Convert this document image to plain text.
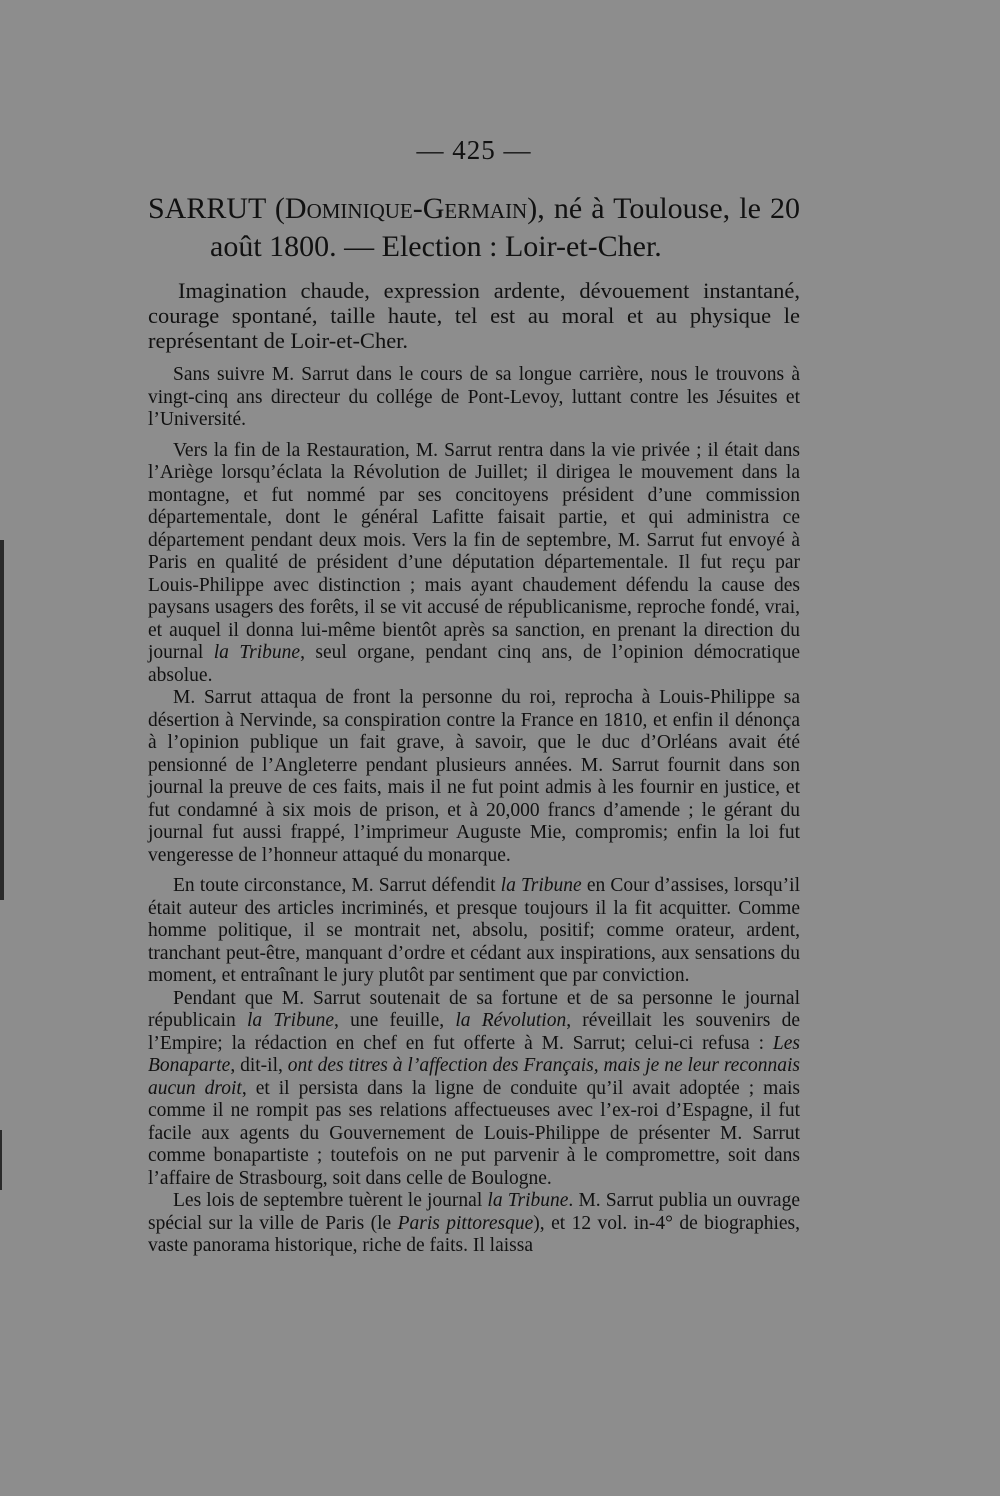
— 425 —
SARRUT (Dominique-Germain), né à Toulouse, le 20
août 1800. — Election : Loir-et-Cher.

Imagination chaude, expression ardente, dévouement instantané, courage spontané, taille haute, tel est au moral et au physique le représentant de Loir-et-Cher.

Sans suivre M. Sarrut dans le cours de sa longue carrière, nous le trouvons à vingt-cinq ans directeur du collége de Pont-Levoy, luttant contre les Jésuites et l’Université.

Vers la fin de la Restauration, M. Sarrut rentra dans la vie privée ; il était dans l’Ariège lorsqu’éclata la Révolution de Juillet; il dirigea le mouvement dans la montagne, et fut nommé par ses concitoyens président d’une commission départementale, dont le général Lafitte faisait partie, et qui administra ce département pendant deux mois. Vers la fin de septembre, M. Sarrut fut envoyé à Paris en qualité de président d’une députation départementale. Il fut reçu par Louis-Philippe avec distinction ; mais ayant chaudement défendu la cause des paysans usagers des forêts, il se vit accusé de républicanisme, reproche fondé, vrai, et auquel il donna lui-même bientôt après sa sanction, en prenant la direction du journal la Tribune, seul organe, pendant cinq ans, de l’opinion démocratique absolue.

M. Sarrut attaqua de front la personne du roi, reprocha à Louis-Philippe sa désertion à Nervinde, sa conspiration contre la France en 1810, et enfin il dénonça à l’opinion publique un fait grave, à savoir, que le duc d’Orléans avait été pensionné de l’Angleterre pendant plusieurs années. M. Sarrut fournit dans son journal la preuve de ces faits, mais il ne fut point admis à les fournir en justice, et fut condamné à six mois de prison, et à 20,000 francs d’amende ; le gérant du journal fut aussi frappé, l’imprimeur Auguste Mie, compromis; enfin la loi fut vengeresse de l’honneur attaqué du monarque.

En toute circonstance, M. Sarrut défendit la Tribune en Cour d’assises, lorsqu’il était auteur des articles incriminés, et presque toujours il la fit acquitter. Comme homme politique, il se montrait net, absolu, positif; comme orateur, ardent, tranchant peut-être, manquant d’ordre et cédant aux inspirations, aux sensations du moment, et entraînant le jury plutôt par sentiment que par conviction.

Pendant que M. Sarrut soutenait de sa fortune et de sa personne le journal républicain la Tribune, une feuille, la Révolution, réveillait les souvenirs de l’Empire; la rédaction en chef en fut offerte à M. Sarrut; celui-ci refusa : Les Bonaparte, dit-il, ont des titres à l’affection des Français, mais je ne leur reconnais aucun droit, et il persista dans la ligne de conduite qu’il avait adoptée ; mais comme il ne rompit pas ses relations affectueuses avec l’ex-roi d’Espagne, il fut facile aux agents du Gouvernement de Louis-Philippe de présenter M. Sarrut comme bonapartiste ; toutefois on ne put parvenir à le compromettre, soit dans l’affaire de Strasbourg, soit dans celle de Boulogne.

Les lois de septembre tuèrent le journal la Tribune. M. Sarrut publia un ouvrage spécial sur la ville de Paris (le Paris pittoresque), et 12 vol. in-4° de biographies, vaste panorama historique, riche de faits. Il laissa
